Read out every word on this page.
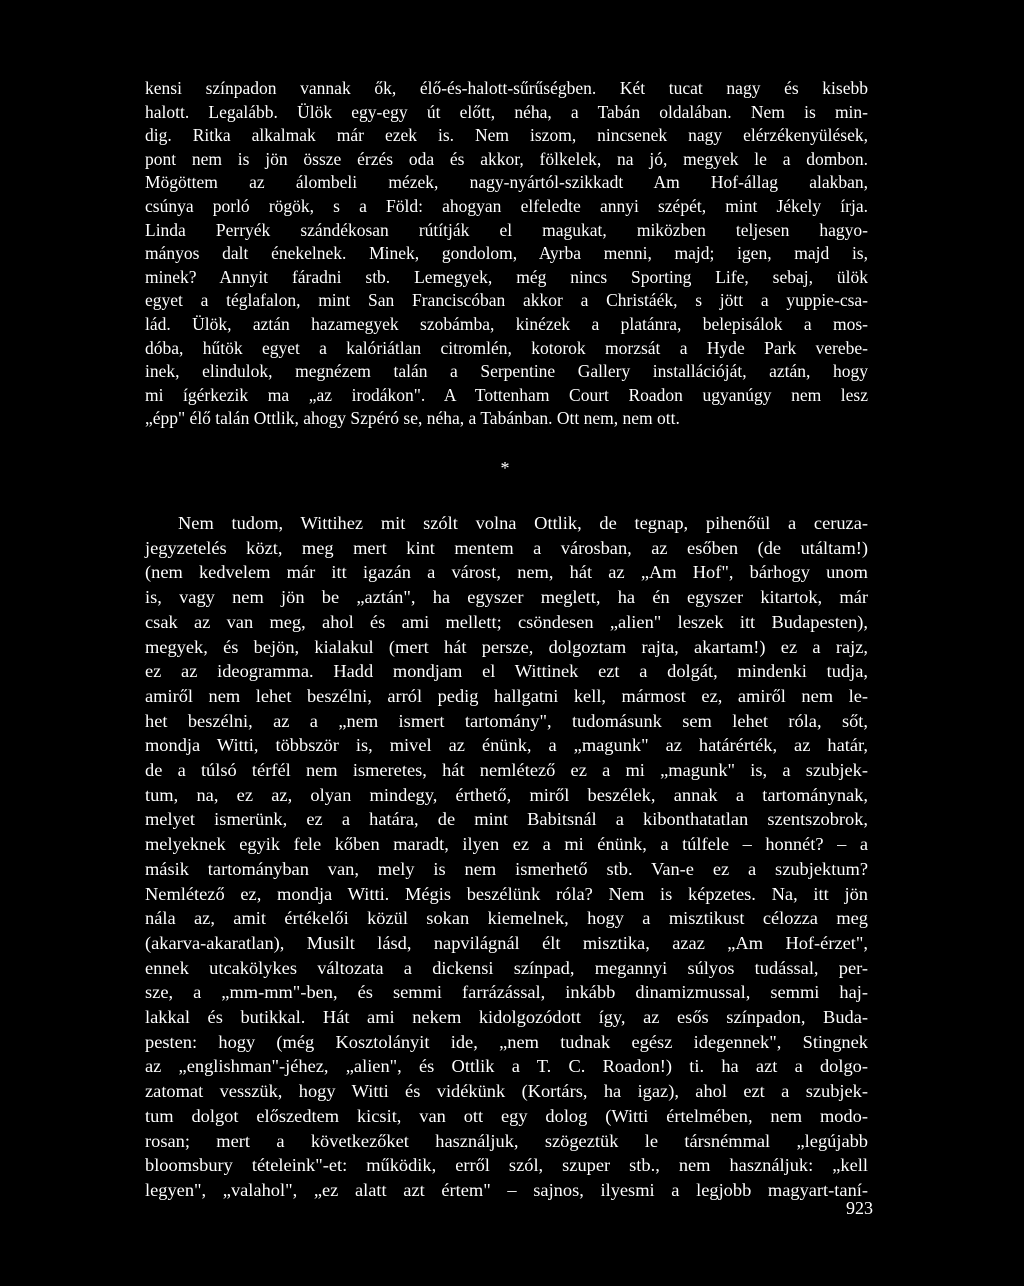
kensi színpadon vannak ők, élő-és-halott-sűrűségben. Két tucat nagy és kisebb
halott. Legalább. Ülök egy-egy út előtt, néha, a Tabán oldalában. Nem is min-
dig. Ritka alkalmak már ezek is. Nem iszom, nincsenek nagy elérzékenyülések,
pont nem is jön össze érzés oda és akkor, fölkelek, na jó, megyek le a dombon.
Mögöttem az álombeli mézek, nagy-nyártól-szikkadt Am Hof-állag alakban,
csúnya porló rögök, s a Föld: ahogyan elfeledte annyi szépét, mint Jékely írja.
Linda Perryék szándékosan rútítják el magukat, miközben teljesen hagyo-
mányos dalt énekelnek. Minek, gondolom, Ayrba menni, majd; igen, majd is,
minek? Annyit fáradni stb. Lemegyek, még nincs Sporting Life, sebaj, ülök
egyet a téglafalon, mint San Franciscóban akkor a Christáék, s jött a yuppie-csa-
lád. Ülök, aztán hazamegyek szobámba, kinézek a platánra, belepisálok a mos-
dóba, hűtök egyet a kalóriátlan citromlén, kotorok morzsát a Hyde Park verebe-
inek, elindulok, megnézem talán a Serpentine Gallery installációját, aztán, hogy
mi ígérkezik ma „az irodákon". A Tottenham Court Roadon ugyanúgy nem lesz
„épp" élő talán Ottlik, ahogy Szpéró se, néha, a Tabánban. Ott nem, nem ott.
*
Nem tudom, Wittihez mit szólt volna Ottlik, de tegnap, pihenőül a ceruza-
jegyzetelés közt, meg mert kint mentem a városban, az esőben (de utáltam!)
(nem kedvelem már itt igazán a várost, nem, hát az „Am Hof", bárhogy unom
is, vagy nem jön be „aztán", ha egyszer meglett, ha én egyszer kitartok, már
csak az van meg, ahol és ami mellett; csöndesen „alien" leszek itt Budapesten),
megyek, és bejön, kialakul (mert hát persze, dolgoztam rajta, akartam!) ez a rajz,
ez az ideogramma. Hadd mondjam el Wittinek ezt a dolgát, mindenki tudja,
amiről nem lehet beszélni, arról pedig hallgatni kell, mármost ez, amiről nem le-
het beszélni, az a „nem ismert tartomány", tudomásunk sem lehet róla, sőt,
mondja Witti, többször is, mivel az énünk, a „magunk" az határérték, az határ,
de a túlsó térfél nem ismeretes, hát nemlétező ez a mi „magunk" is, a szubjek-
tum, na, ez az, olyan mindegy, érthető, miről beszélek, annak a tartománynak,
melyet ismerünk, ez a határa, de mint Babitsnál a kibonthatatlan szentszobrok,
melyeknek egyik fele kőben maradt, ilyen ez a mi énünk, a túlfele – honnét? – a
másik tartományban van, mely is nem ismerhető stb. Van-e ez a szubjektum?
Nemlétező ez, mondja Witti. Mégis beszélünk róla? Nem is képzetes. Na, itt jön
nála az, amit értékelői közül sokan kiemelnek, hogy a misztikust célozza meg
(akarva-akaratlan), Musilt lásd, napvilágnál élt misztika, azaz „Am Hof-érzet",
ennek utcakölykes változata a dickensi színpad, megannyi súlyos tudással, per-
sze, a „mm-mm"-ben, és semmi farrázással, inkább dinamizmussal, semmi haj-
lakkal és butikkal. Hát ami nekem kidolgozódott így, az esős színpadon, Buda-
pesten: hogy (még Kosztolányit ide, „nem tudnak egész idegennek", Stingnek
az „englishman"-jéhez, „alien", és Ottlik a T. C. Roadon!) ti. ha azt a dolgo-
zatomat vesszük, hogy Witti és vidékünk (Kortárs, ha igaz), ahol ezt a szubjek-
tum dolgot előszedtem kicsit, van ott egy dolog (Witti értelmében, nem modo-
rosan; mert a következőket használjuk, szögeztük le társnémmal „legújabb
bloomsbury tételeink"-et: működik, erről szól, szuper stb., nem használjuk: „kell
legyen", „valahol", „ez alatt azt értem" – sajnos, ilyesmi a legjobb magyart-taní-
923
